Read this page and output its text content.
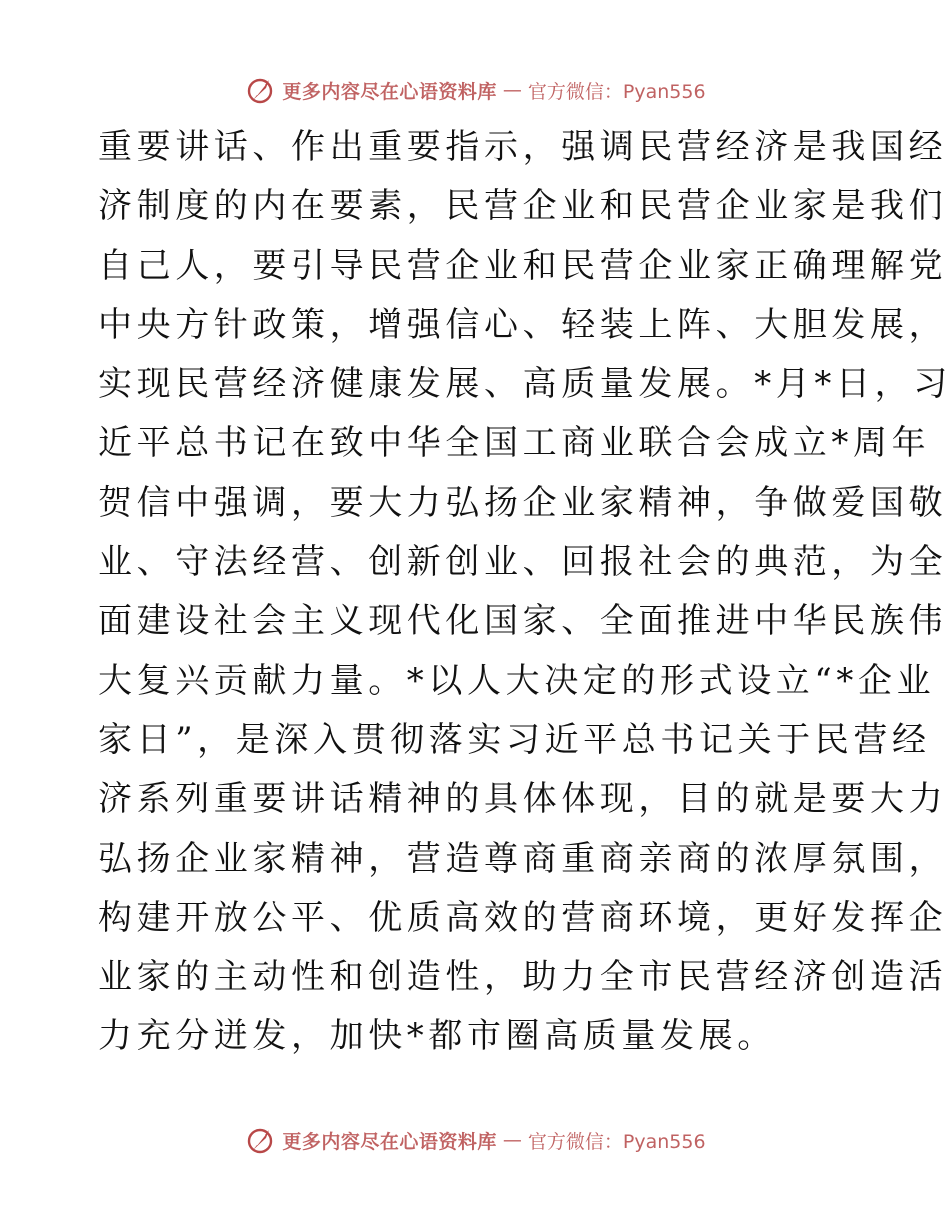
更多内容尽在心语资料库 — 官方微信：Pyan556
重要讲话、作出重要指示，强调民营经济是我国经
济制度的内在要素，民营企业和民营企业家是我们
自己人，要引导民营企业和民营企业家正确理解党
中央方针政策，增强信心、轻装上阵、大胆发展，
实现民营经济健康发展、高质量发展。*月*日，习
近平总书记在致中华全国工商业联合会成立*周年
贺信中强调，要大力弘扬企业家精神，争做爱国敬
业、守法经营、创新创业、回报社会的典范，为全
面建设社会主义现代化国家、全面推进中华民族伟
大复兴贡献力量。*以人大决定的形式设立“*企业
家日”，是深入贯彻落实习近平总书记关于民营经
济系列重要讲话精神的具体体现，目的就是要大力
弘扬企业家精神，营造尊商重商亲商的浓厚氛围，
构建开放公平、优质高效的营商环境，更好发挥企
业家的主动性和创造性，助力全市民营经济创造活
力充分迸发，加快*都市圈高质量发展。
更多内容尽在心语资料库 — 官方微信：Pyan556
